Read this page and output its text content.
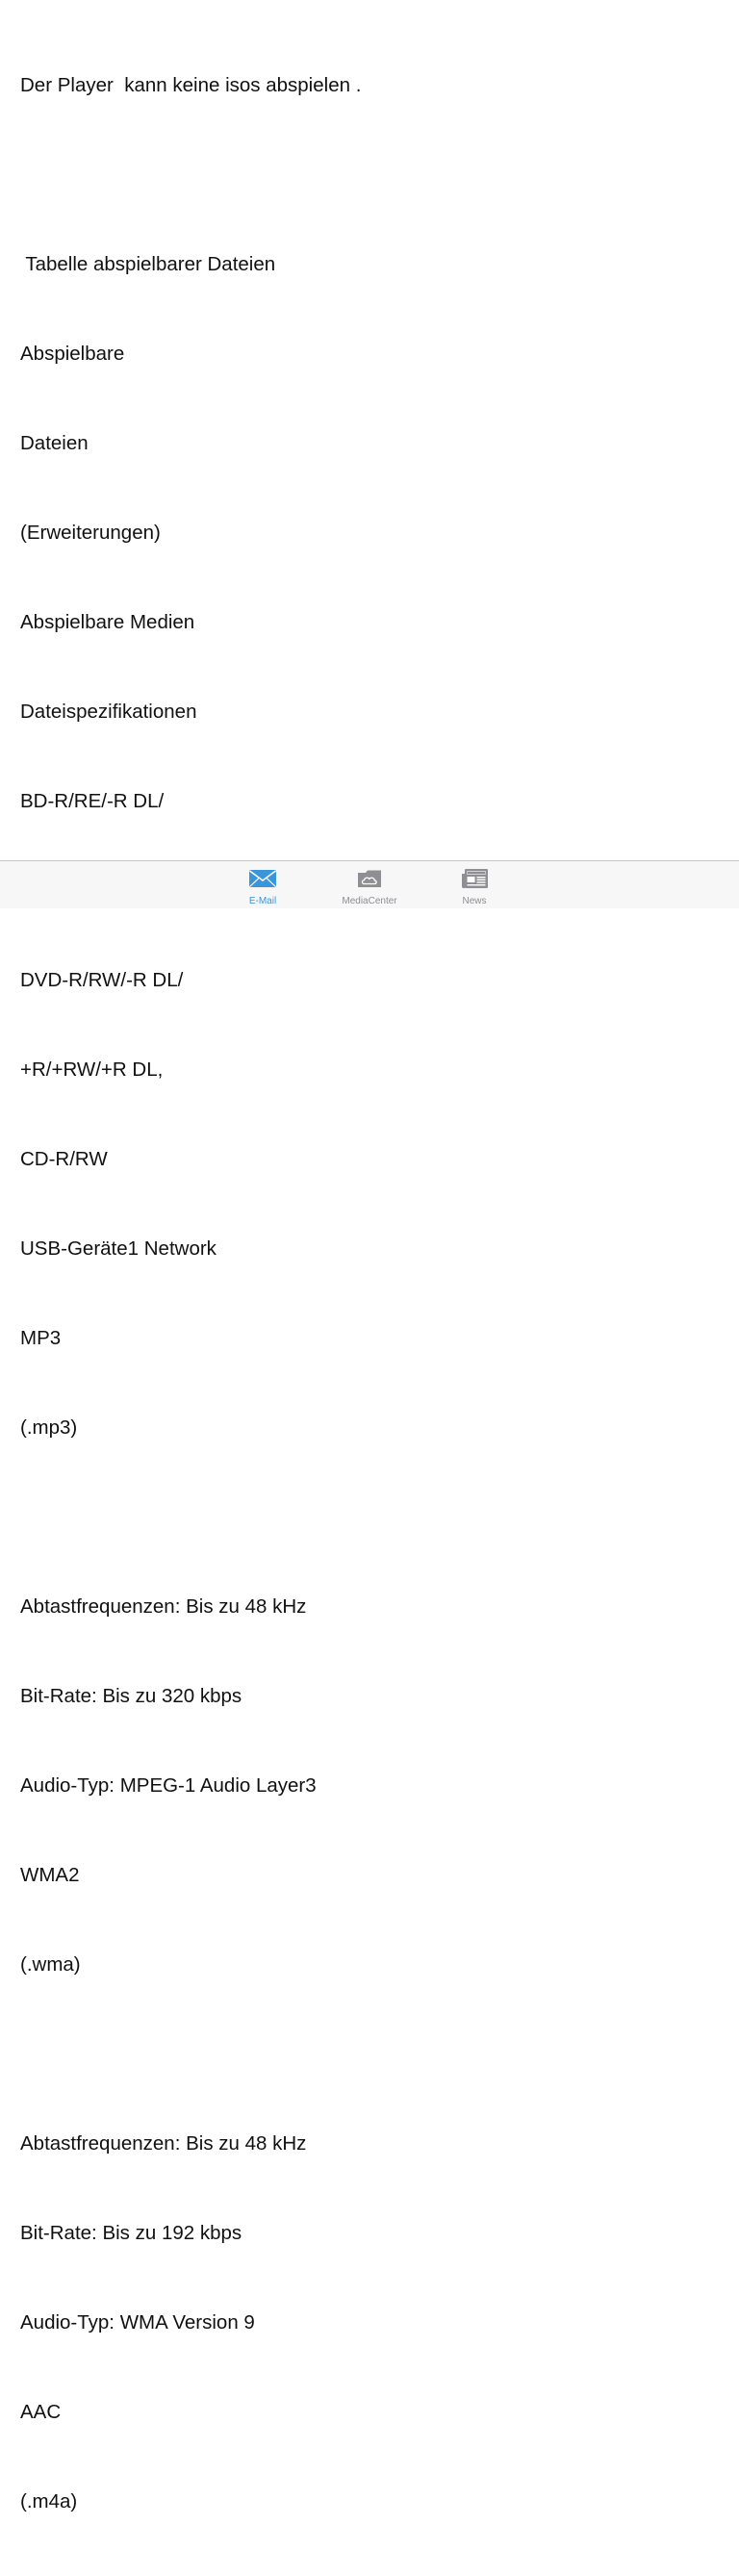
Der Player  kann keine isos abspielen .

Tabelle abspielbarer Dateien

Abspielbare

Dateien

(Erweiterungen)

Abspielbare Medien

Dateispezifikationen

BD-R/RE/-R DL/

DVD-R/RW/-R DL/

+R/+RW/+R DL,

CD-R/RW

USB-Geräte1 Network

MP3

(.mp3)

Abtastfrequenzen: Bis zu 48 kHz

Bit-Rate: Bis zu 320 kbps

Audio-Typ: MPEG-1 Audio Layer3

WMA2

(.wma)

Abtastfrequenzen: Bis zu 48 kHz

Bit-Rate: Bis zu 192 kbps

Audio-Typ: WMA Version 9

AAC

(.m4a)

E-Mail	MediaCenter	News
